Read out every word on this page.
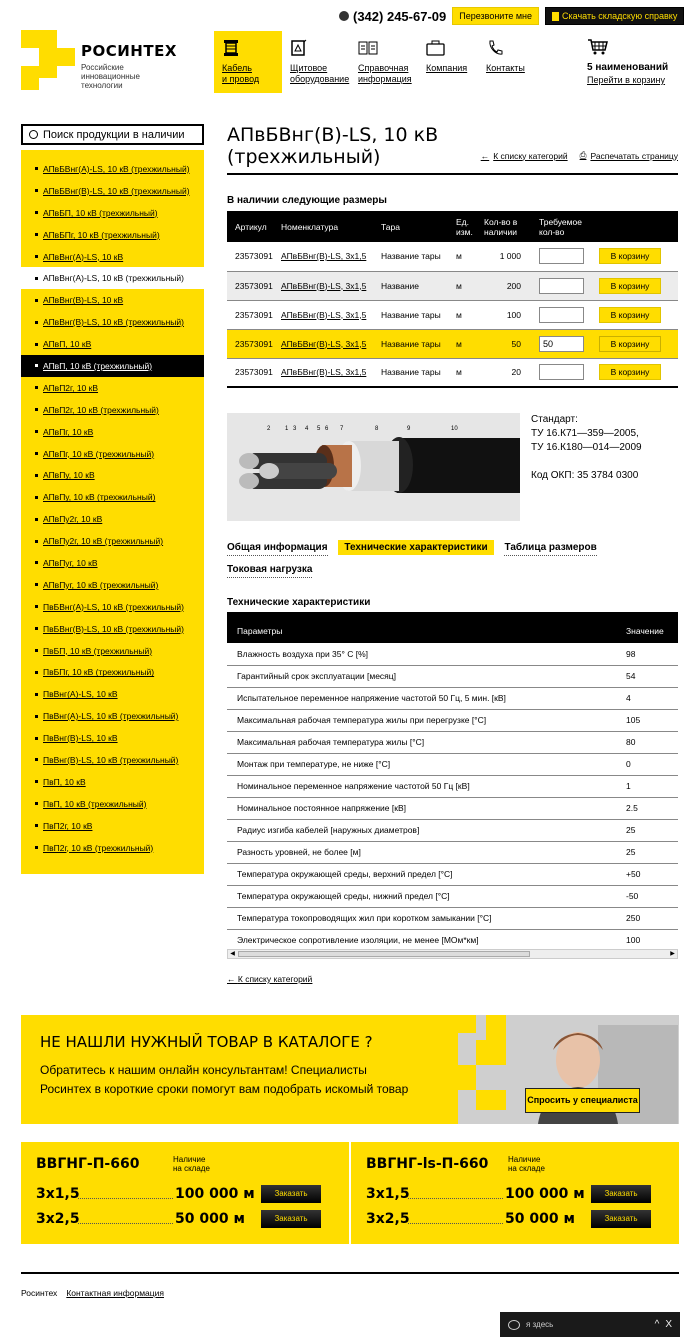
РОСИНТЕХ
Российские
инновационные
технологии
(342) 245-67-09	Перезвоните мне	Скачать складскую справку
Кабель
и провод
Щитовое
оборудование
Справочная
информация
Компания	Контакты	5 наименований
Перейти в корзину
Поиск продукции в наличии
АПвБВнг(А)-LS, 10 кВ (трехжильный)
АПвБВнг(В)-LS, 10 кВ (трехжильный)
АПвБП, 10 кВ (трехжильный)
АПвБПг, 10 кВ (трехжильный)
АПвВнг(А)-LS, 10 кВ
АПвВнг(А)-LS, 10 кВ (трехжильный)
АПвВнг(В)-LS, 10 кВ
АПвВнг(В)-LS, 10 кВ (трехжильный)
АПвП, 10 кВ
АПвП, 10 кВ (трехжильный)
АПвП2г, 10 кВ
АПвП2г, 10 кВ (трехжильный)
АПвПг, 10 кВ
АПвПг, 10 кВ (трехжильный)
АПвПу, 10 кВ
АПвПу, 10 кВ (трехжильный)
АПвПу2г, 10 кВ
АПвПу2г, 10 кВ (трехжильный)
АПвПуг, 10 кВ
АПвПуг, 10 кВ (трехжильный)
ПвБВнг(А)-LS, 10 кВ (трехжильный)
ПвБВнг(В)-LS, 10 кВ (трехжильный)
ПвБП, 10 кВ (трехжильный)
ПвБПг, 10 кВ (трехжильный)
ПвВнг(А)-LS, 10 кВ
ПвВнг(А)-LS, 10 кВ (трехжильный)
ПвВнг(В)-LS, 10 кВ
ПвВнг(В)-LS, 10 кВ (трехжильный)
ПвП, 10 кВ
ПвП, 10 кВ (трехжильный)
ПвП2г, 10 кВ
ПвП2г, 10 кВ (трехжильный)
АПвБВнг(В)-LS, 10 кВ
(трехжильный)	← К списку категорий ⎙ Распечатать страницу
В наличии следующие размеры
Артикул	Номенклатура	Тара	Ед. изм.	Кол-во в наличии	Требуемое кол-во	
23573091	АПвБВнг(В)-LS, 3х1,5	Название тары	м	1 000		В корзину
23573091	АПвБВнг(В)-LS, 3х1,5	Название	м	200		В корзину
23573091	АПвБВнг(В)-LS, 3х1,5	Название тары	м	100		В корзину
23573091	АПвБВнг(В)-LS, 3х1,5	Название тары	м	50	50	В корзину
23573091	АПвБВнг(В)-LS, 3х1,5	Название тары	м	20		В корзину
2 1 3 4 5 6 7	8	9	10
Стандарт:
ТУ 16.К71—359—2005,
ТУ 16.К180—014—2009
Код ОКП: 35 3784 0300
Общая информация Технические характеристики Таблица размеров
Токовая нагрузка
Технические характеристики
Параметры	Значение
Влажность воздуха при 35° С [%]	98
Гарантийный срок эксплуатации [месяц]	54
Испытательное переменное напряжение частотой 50 Гц, 5 мин. [кВ]	4
Максимальная рабочая температура жилы при перегрузке [°С]	105
Максимальная рабочая температура жилы [°С]	80
Монтаж при температуре, не ниже [°С]	0
Номинальное переменное напряжение частотой 50 Гц [кВ]	1
Номинальное постоянное напряжение [кВ]	2.5
Радиус изгиба кабелей [наружных диаметров]	25
Разность уровней, не более [м]	25
Температура окружающей среды, верхний предел [°С]	+50
Температура окружающей среды, нижний предел [°С]	-50
Температура токопроводящих жил при коротком замыкании [°С]	250
Электрическое сопротивление изоляции, не менее [МОм*км]	100
◀	▶
← К списку категорий
НЕ НАШЛИ НУЖНЫЙ ТОВАР В КАТАЛОГЕ ?

Обратитесь к нашим онлайн консультантам! Специалисты Росинтех в короткие сроки помогут вам подобрать искомый товар

Спросить у специалиста
ВВГНГ-П-660	Наличие
на складе
3х1,5	100 000 м	Заказать
3х2,5	50 000 м	Заказать
ВВГНГ-ls-П-660 Наличие
на складе
3х1,5	100 000 м	Заказать
3х2,5	50 000 м	Заказать
Росинтех Контактная информация
я здесь	^ X
